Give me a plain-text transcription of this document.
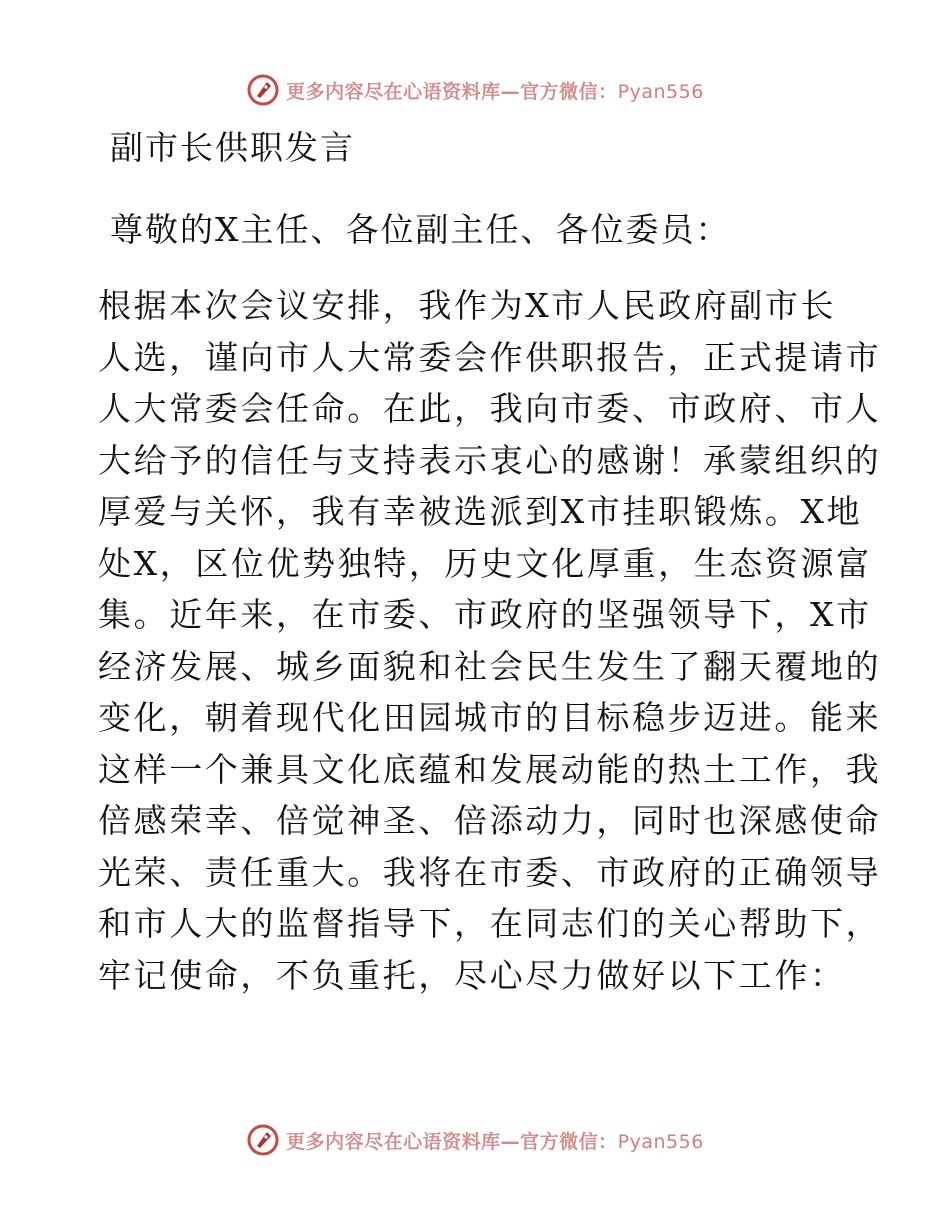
更多内容尽在心语资料库—官方微信：Pyan556
副市长供职发言

尊敬的X主任、各位副主任、各位委员：

根据本次会议安排，我作为X市人民政府副市长
人选，谨向市人大常委会作供职报告，正式提请市
人大常委会任命。在此，我向市委、市政府、市人
大给予的信任与支持表示衷心的感谢！承蒙组织的
厚爱与关怀，我有幸被选派到X市挂职锻炼。X地
处X，区位优势独特，历史文化厚重，生态资源富
集。近年来，在市委、市政府的坚强领导下，X市
经济发展、城乡面貌和社会民生发生了翻天覆地的
变化，朝着现代化田园城市的目标稳步迈进。能来
这样一个兼具文化底蕴和发展动能的热土工作，我
倍感荣幸、倍觉神圣、倍添动力，同时也深感使命
光荣、责任重大。我将在市委、市政府的正确领导
和市人大的监督指导下，在同志们的关心帮助下，
牢记使命，不负重托，尽心尽力做好以下工作：
更多内容尽在心语资料库—官方微信：Pyan556
